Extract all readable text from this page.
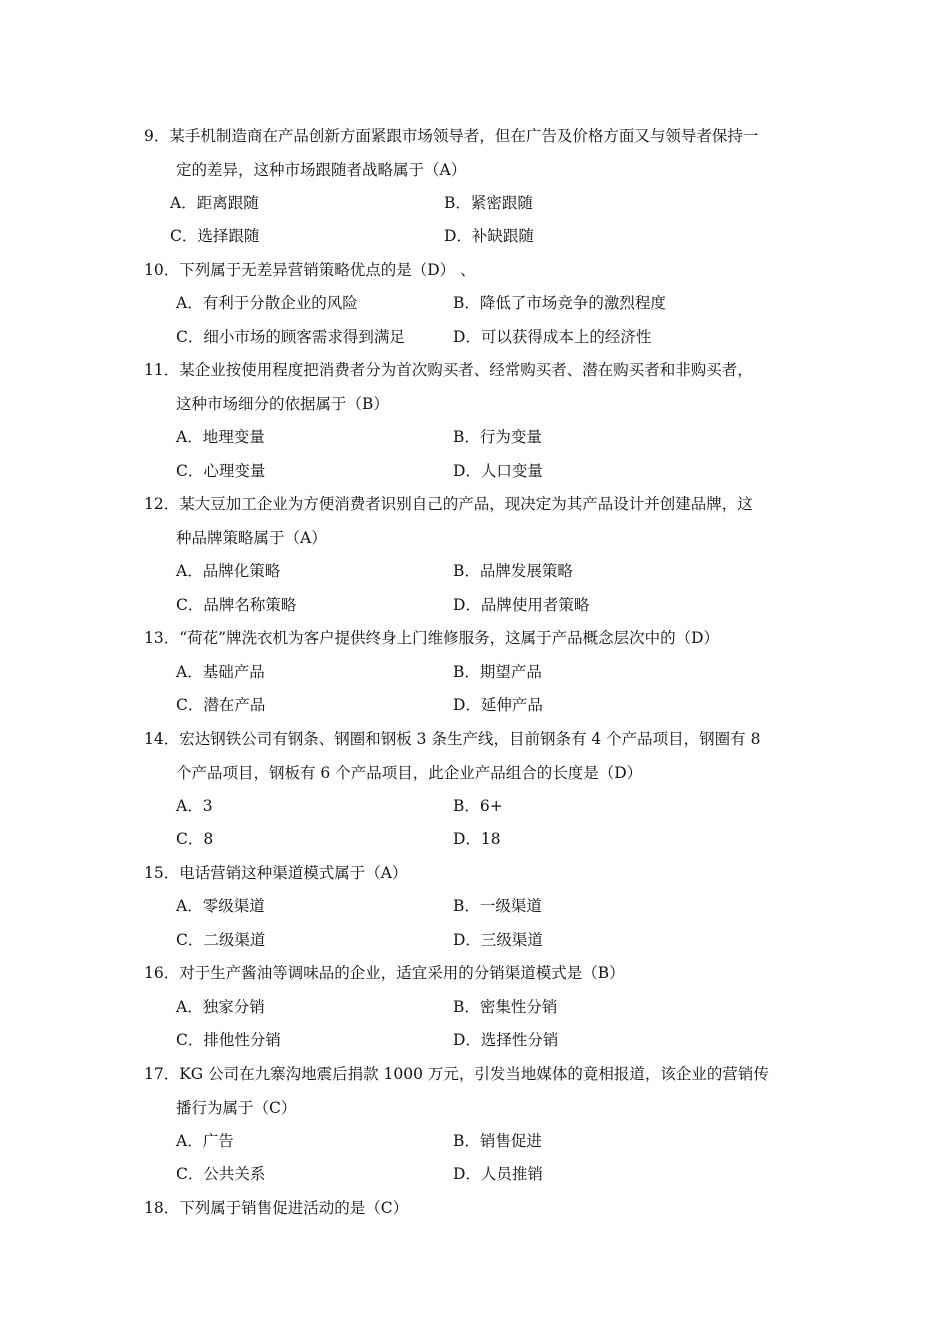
9．某手机制造商在产品创新方面紧跟市场领导者，但在广告及价格方面又与领导者保持一
定的差异，这种市场跟随者战略属于（A）
A．距离跟随	B．紧密跟随
C．选择跟随	D．补缺跟随
10．下列属于无差异营销策略优点的是（D） 、
A．有利于分散企业的风险	B．降低了市场竞争的激烈程度
C．细小市场的顾客需求得到满足	D．可以获得成本上的经济性
11．某企业按使用程度把消费者分为首次购买者、经常购买者、潜在购买者和非购买者，
这种市场细分的依据属于（B）
A．地理变量	B．行为变量
C．心理变量	D．人口变量
12．某大豆加工企业为方便消费者识别自己的产品，现决定为其产品设计并创建品牌，这
种品牌策略属于（A）
A．品牌化策略	B．品牌发展策略
C．品牌名称策略	D．品牌使用者策略
13．“荷花”牌洗衣机为客户提供终身上门维修服务，这属于产品概念层次中的（D）
A．基础产品	B．期望产品
C．潜在产品	D．延伸产品
14．宏达钢铁公司有钢条、钢圈和钢板 3 条生产线，目前钢条有 4 个产品项目，钢圈有 8
个产品项目，钢板有 6 个产品项目，此企业产品组合的长度是（D）
A．3	B．6+
C．8	D．18
15．电话营销这种渠道模式属于（A）
A．零级渠道	B．一级渠道
C．二级渠道	D．三级渠道
16．对于生产酱油等调味品的企业，适宜采用的分销渠道模式是（B）
A．独家分销	B．密集性分销
C．排他性分销	D．选择性分销
17．KG 公司在九寨沟地震后捐款 1000 万元，引发当地媒体的竟相报道，该企业的营销传
播行为属于（C）
A．广告	B．销售促进
C．公共关系	D．人员推销
18．下列属于销售促进活动的是（C）
